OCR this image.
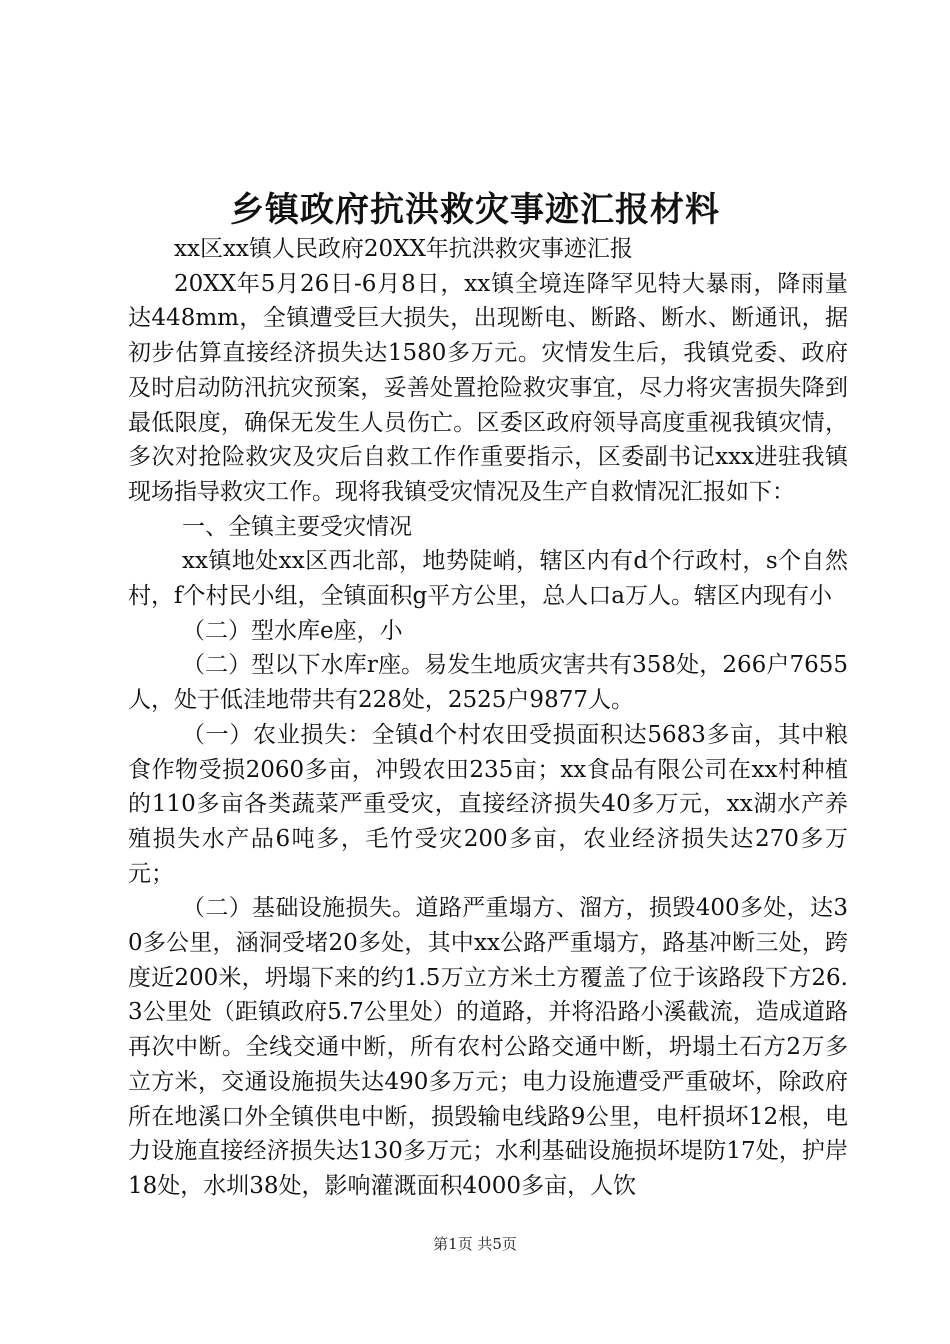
乡镇政府抗洪救灾事迹汇报材料

xx区xx镇人民政府20XX年抗洪救灾事迹汇报

20XX年5月26日-6月8日，xx镇全境连降罕见特大暴雨，降雨量达448mm，全镇遭受巨大损失，出现断电、断路、断水、断通讯，据初步估算直接经济损失达1580多万元。灾情发生后，我镇党委、政府及时启动防汛抗灾预案，妥善处置抢险救灾事宜，尽力将灾害损失降到最低限度，确保无发生人员伤亡。区委区政府领导高度重视我镇灾情，多次对抢险救灾及灾后自救工作作重要指示，区委副书记xxx进驻我镇现场指导救灾工作。现将我镇受灾情况及生产自救情况汇报如下：

一、全镇主要受灾情况

xx镇地处xx区西北部，地势陡峭，辖区内有d个行政村，s个自然村，f个村民小组，全镇面积g平方公里，总人口a万人。辖区内现有小

（二）型水库e座，小

（二）型以下水库r座。易发生地质灾害共有358处，266户7655人，处于低洼地带共有228处，2525户9877人。

（一）农业损失：全镇d个村农田受损面积达5683多亩，其中粮食作物受损2060多亩，冲毁农田235亩；xx食品有限公司在xx村种植的110多亩各类蔬菜严重受灾，直接经济损失40多万元，xx湖水产养殖损失水产品6吨多，毛竹受灾200多亩，农业经济损失达270多万元；

（二）基础设施损失。道路严重塌方、溜方，损毁400多处，达30多公里，涵洞受堵20多处，其中xx公路严重塌方，路基冲断三处，跨度近200米，坍塌下来的约1.5万立方米土方覆盖了位于该路段下方26.3公里处（距镇政府5.7公里处）的道路，并将沿路小溪截流，造成道路再次中断。全线交通中断，所有农村公路交通中断，坍塌土石方2万多立方米，交通设施损失达490多万元；电力设施遭受严重破坏，除政府所在地溪口外全镇供电中断，损毁输电线路9公里，电杆损坏12根，电力设施直接经济损失达130多万元；水利基础设施损坏堤防17处，护岸18处，水圳38处，影响灌溉面积4000多亩，人饮

第1页 共5页
